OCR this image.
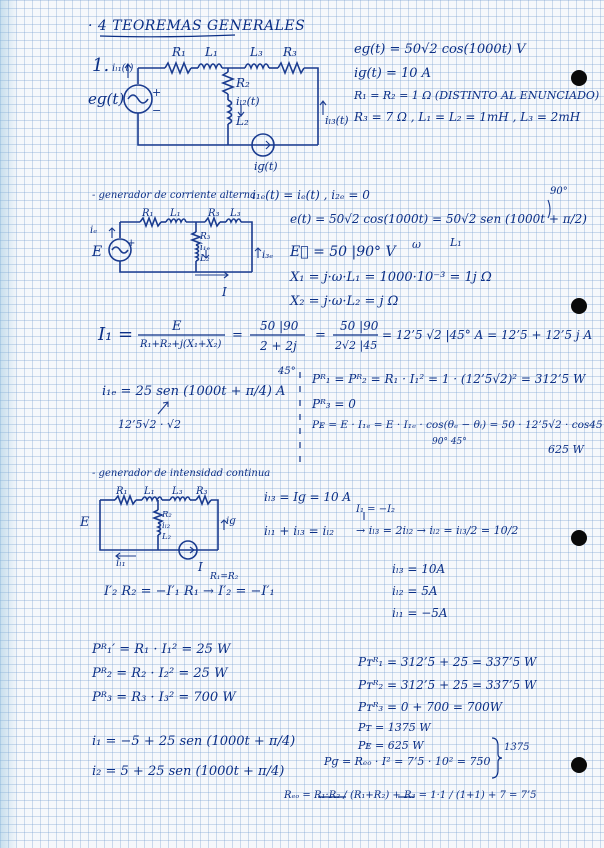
· 4 TEOREMAS GENERALES
1.
R₁ L₁	L₃ R₃
R₂
iₗ₂(t)
L₂
eɡ(t)
iₗ₁(t)
iₗ₃(t)
iɡ(t)
+
−
eɡ(t) = 50√2 cos(1000t) V
iɡ(t) = 10 A
R₁ = R₂ = 1 Ω (DISTINTO AL ENUNCIADO)
R₃ = 7 Ω , L₁ = L₂ = 1mH , L₃ = 2mH
- generador de corriente alterna
i₁ₑ(t) = iₑ(t) , i₂ₑ = 0
R₁ L₁	R₃ L₃
R₃
i₁ₑ
L₂
iₑ
i₃ₑ
E
I
+
e(t) = 50√2 cos(1000t) = 50√2 sen (1000t + π/2)
90°
E⃗ = 50 |90° V ω	L₁
X₁ = j·ω·L₁ = 1000·10⁻³ = 1j Ω
X₂ = j·ω·L₂ = j Ω
I₁ =	E
R₁+R₂+j(X₁+X₂)
=
50 |90
2 + 2j
=
50 |90
2√2 |45
= 12’5 √2 |45° A = 12’5 + 12’5 j A
i₁ₑ = 25 sen (1000t + π/4) A
45°
12’5√2 · √2
Pᴿ₁ = Pᴿ₂ = R₁ · I₁² = 1 · (12’5√2)² = 312’5 W
Pᴿ₃ = 0
Pᴇ = E · I₁ₑ = E · I₁ₑ · cos(θₑ − θᵢ) = 50 · 12’5√2 · cos45
90° 45°
625 W
- generador de intensidad continua
R₁ L₁ L₃ R₃
R₂
iₗ₂
L₂
iɡ
E
iₗ₁	I
iₗ₃ = Iɡ = 10 A
iₗ₁ + iₗ₃ = iₗ₂
I₁ = −I₂
→ iₗ₃ = 2iₗ₂ → iₗ₂ = iₗ₃/2 = 10/2
R₁=R₂
I′₂ R₂ = −I′₁ R₁ → I′₂ = −I′₁
iₗ₃ = 10A
iₗ₂ = 5A
iₗ₁ = −5A
Pᴿ₁′ = R₁ · I₁² = 25 W
Pᴿ₂ = R₂ · I₂² = 25 W
Pᴿ₃ = R₃ · I₃² = 700 W
Pᴛᴿ₁ = 312’5 + 25 = 337’5 W
Pᴛᴿ₂ = 312’5 + 25 = 337’5 W
Pᴛᴿ₃ = 0 + 700 = 700W
Pᴛ = 1375 W
Pᴇ = 625 W
Pɡ = Rₑₒ · I² = 7’5 · 10² = 750
1375
i₁ = −5 + 25 sen (1000t + π/4)
i₂ = 5 + 25 sen (1000t + π/4)
Rₑₒ = R₁·R₂ / (R₁+R₂) + R₃ = 1·1 / (1+1) + 7 = 7’5
